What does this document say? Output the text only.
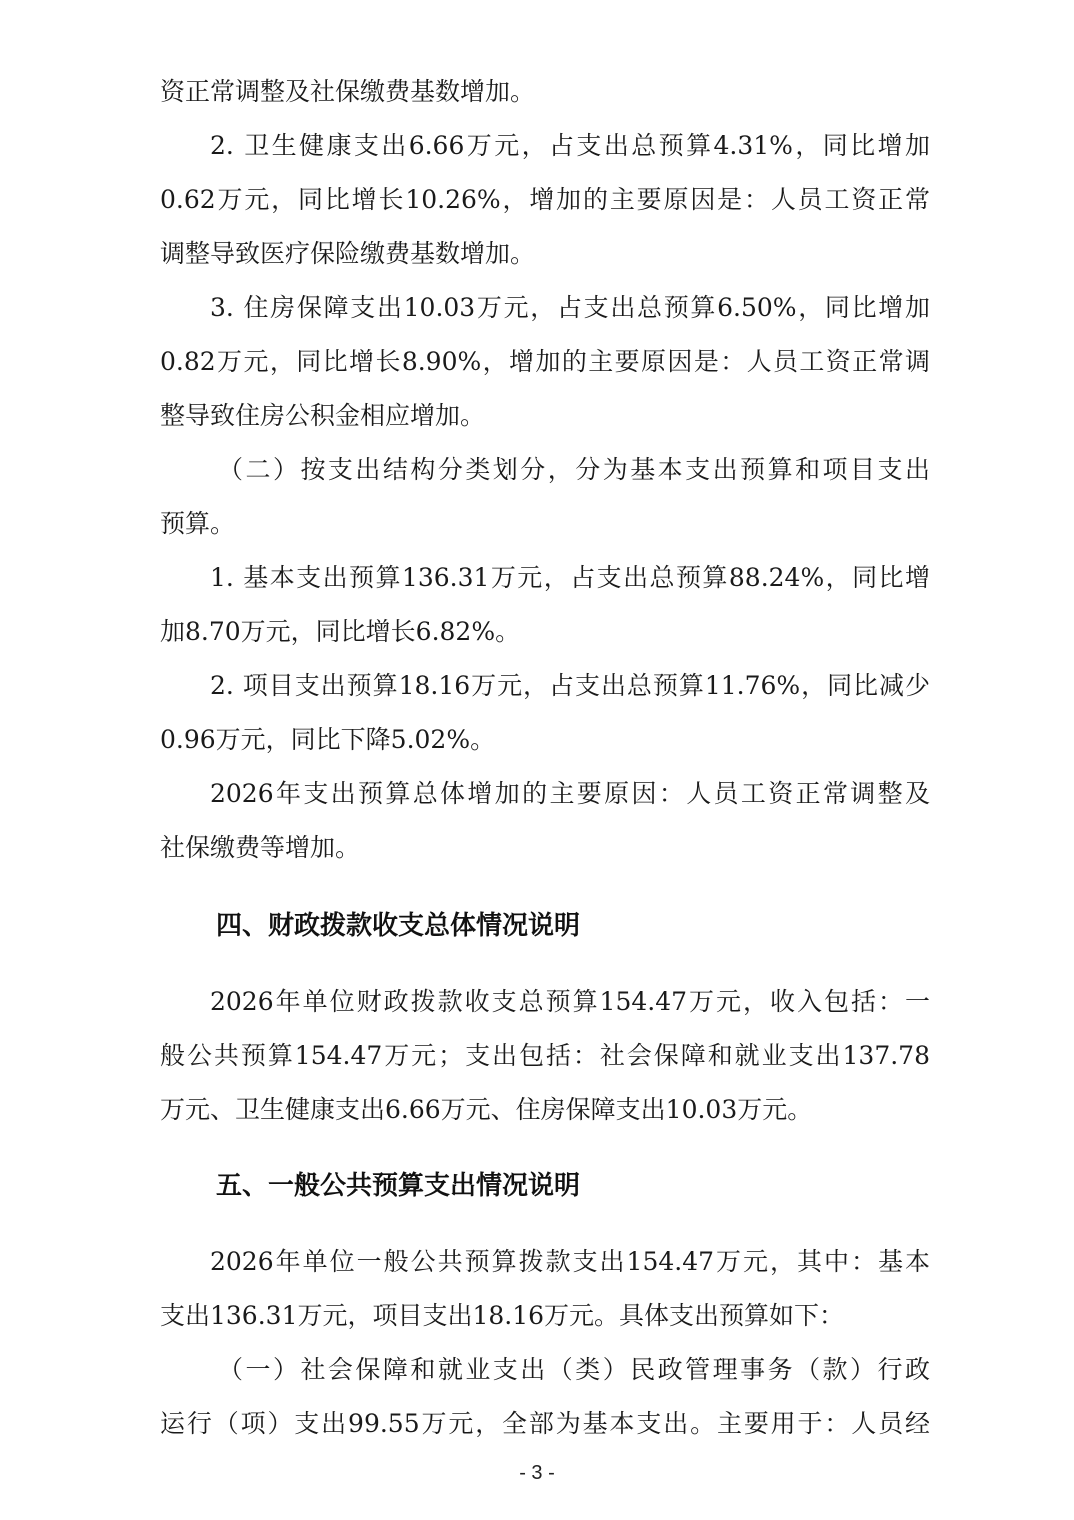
资正常调整及社保缴费基数增加。
2. 卫生健康支出6.66万元，占支出总预算4.31%，同比增加
0.62万元，同比增长10.26%，增加的主要原因是：人员工资正常
调整导致医疗保险缴费基数增加。
3. 住房保障支出10.03万元，占支出总预算6.50%，同比增加
0.82万元，同比增长8.90%，增加的主要原因是：人员工资正常调
整导致住房公积金相应增加。
（二）按支出结构分类划分，分为基本支出预算和项目支出
预算。
1. 基本支出预算136.31万元，占支出总预算88.24%，同比增
加8.70万元，同比增长6.82%。
2. 项目支出预算18.16万元，占支出总预算11.76%，同比减少
0.96万元，同比下降5.02%。
2026年支出预算总体增加的主要原因：人员工资正常调整及
社保缴费等增加。
四、财政拨款收支总体情况说明
2026年单位财政拨款收支总预算154.47万元，收入包括：一
般公共预算154.47万元；支出包括：社会保障和就业支出137.78
万元、卫生健康支出6.66万元、住房保障支出10.03万元。
五、一般公共预算支出情况说明
2026年单位一般公共预算拨款支出154.47万元，其中：基本
支出136.31万元，项目支出18.16万元。具体支出预算如下：
（一）社会保障和就业支出（类）民政管理事务（款）行政
运行（项）支出99.55万元，全部为基本支出。主要用于：人员经
- 3 -
